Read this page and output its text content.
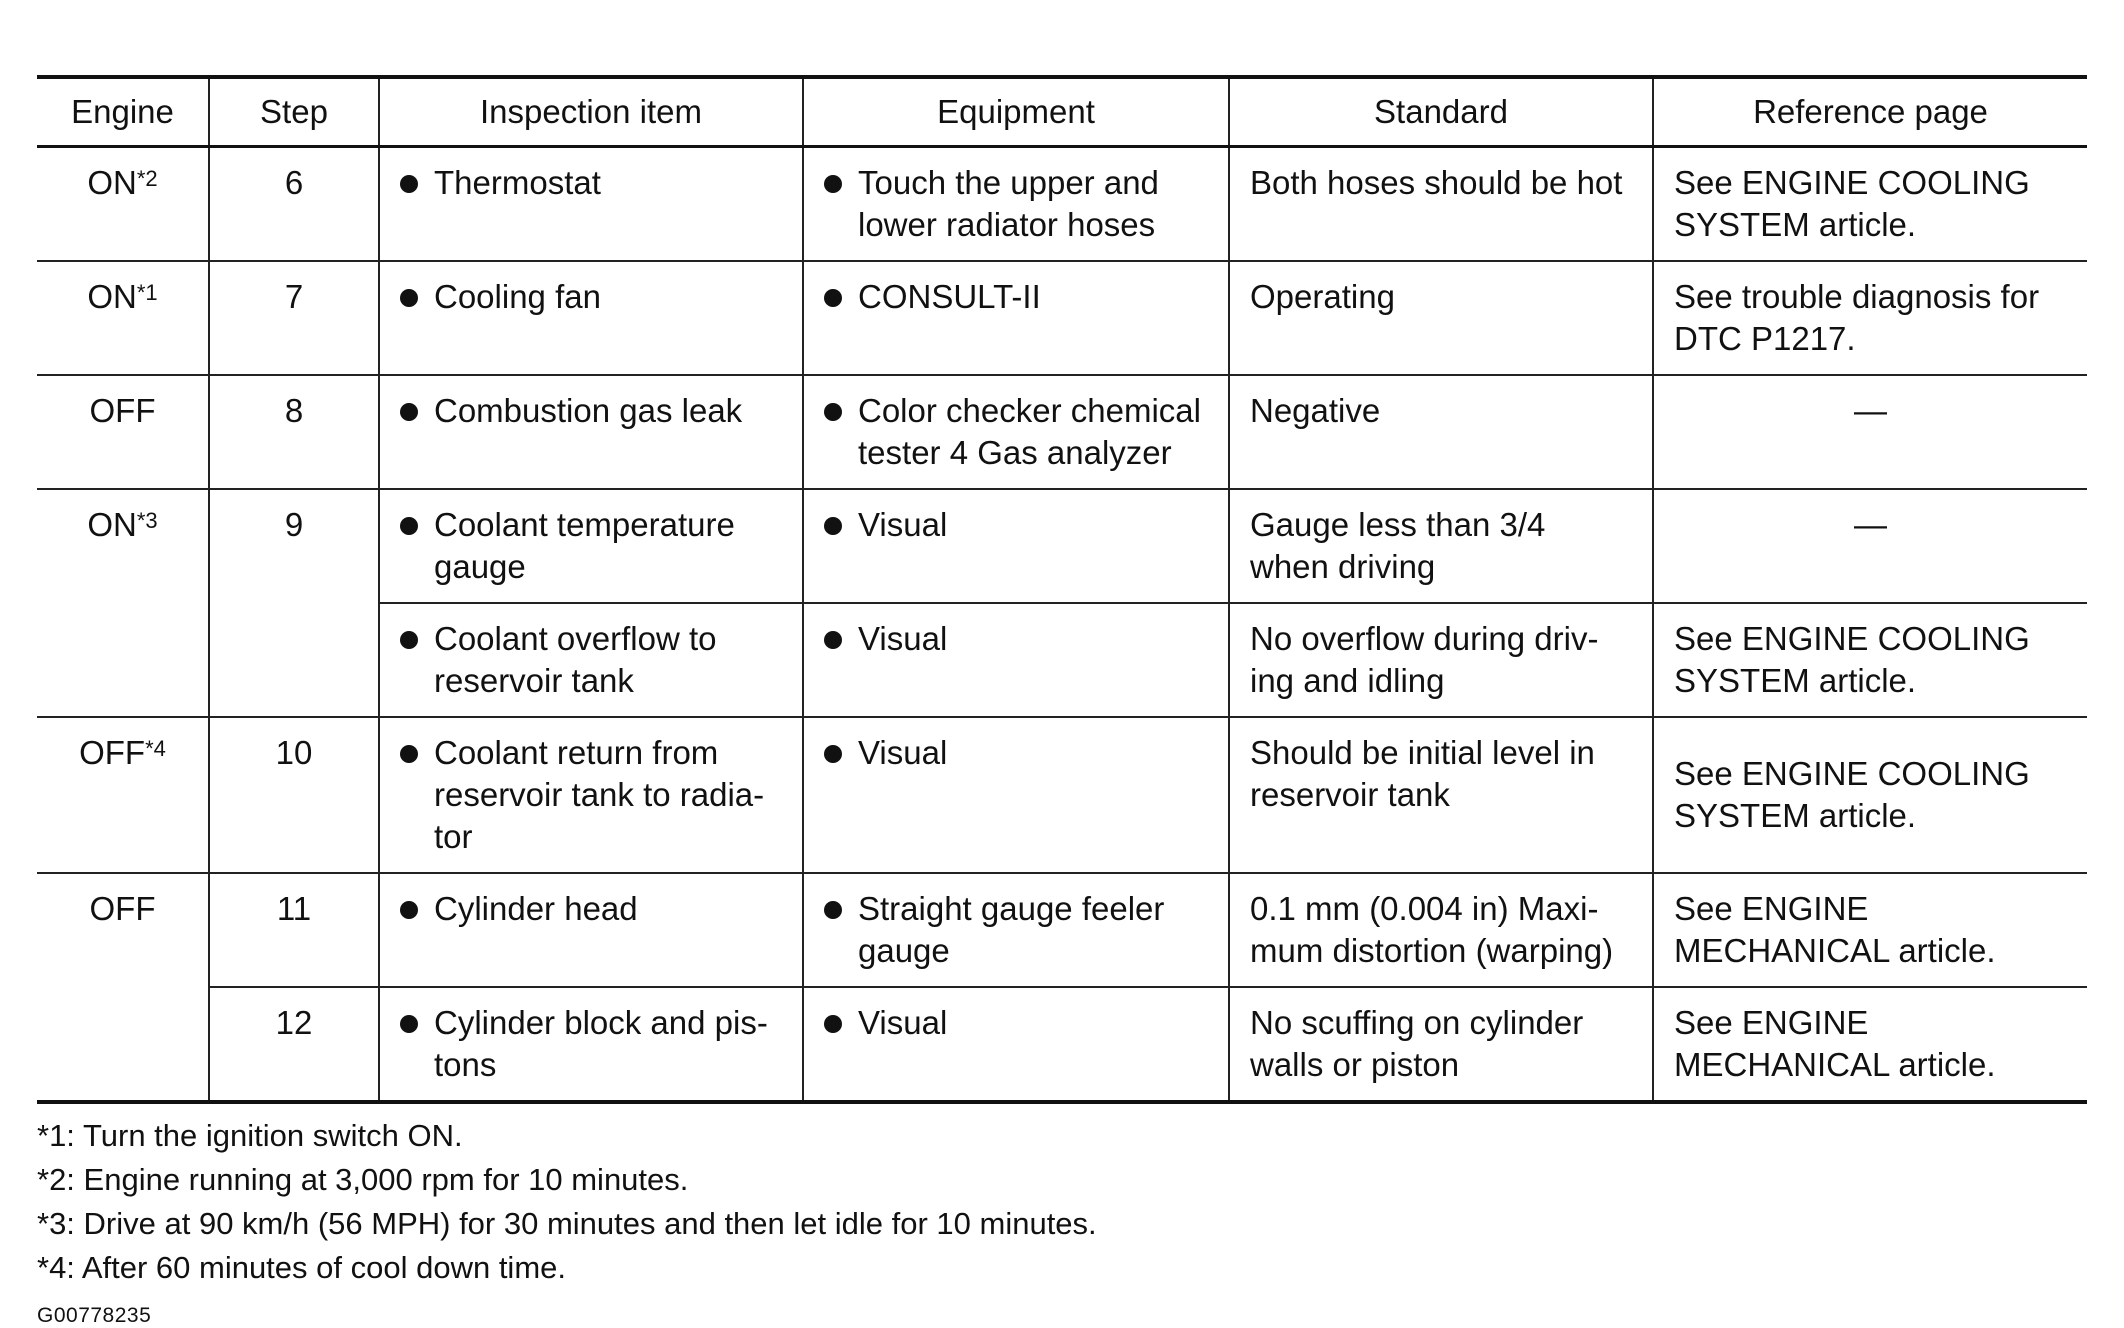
Engine	Step	Inspection item	Equipment	Standard	Reference page
ON$^{*2}$	6	Thermostat	Touch the upper and lower radiator hoses	Both hoses should be hot	See ENGINE COOLING SYSTEM article.
ON$^{*1}$	7	Cooling fan	CONSULT-II	Operating	See trouble diagnosis for DTC P1217.
OFF	8	Combustion gas leak	Color checker chemical tester 4 Gas analyzer	Negative	—
ON$^{*3}$	9	Coolant temperature gauge	Visual	Gauge less than 3/4 when driving	—

		Coolant overflow to reservoir tank	Visual	No overflow during driv- ing and idling	See ENGINE COOLING SYSTEM article.
OFF$^{*4}$	10	Coolant return from reservoir tank to radia- tor	Visual	Should be initial level in reservoir tank	See ENGINE COOLING SYSTEM article.
OFF	11	Cylinder head	Straight gauge feeler gauge	0.1 mm (0.004 in) Maxi- mum distortion (warping)	See ENGINE MECHANICAL article.
	12	Cylinder block and pis- tons	Visual	No scuffing on cylinder walls or piston	See ENGINE MECHANICAL article.
*1: Turn the ignition switch ON.
*2: Engine running at 3,000 rpm for 10 minutes.
*3: Drive at 90 km/h (56 MPH) for 30 minutes and then let idle for 10 minutes.
*4: After 60 minutes of cool down time.
G00778235
